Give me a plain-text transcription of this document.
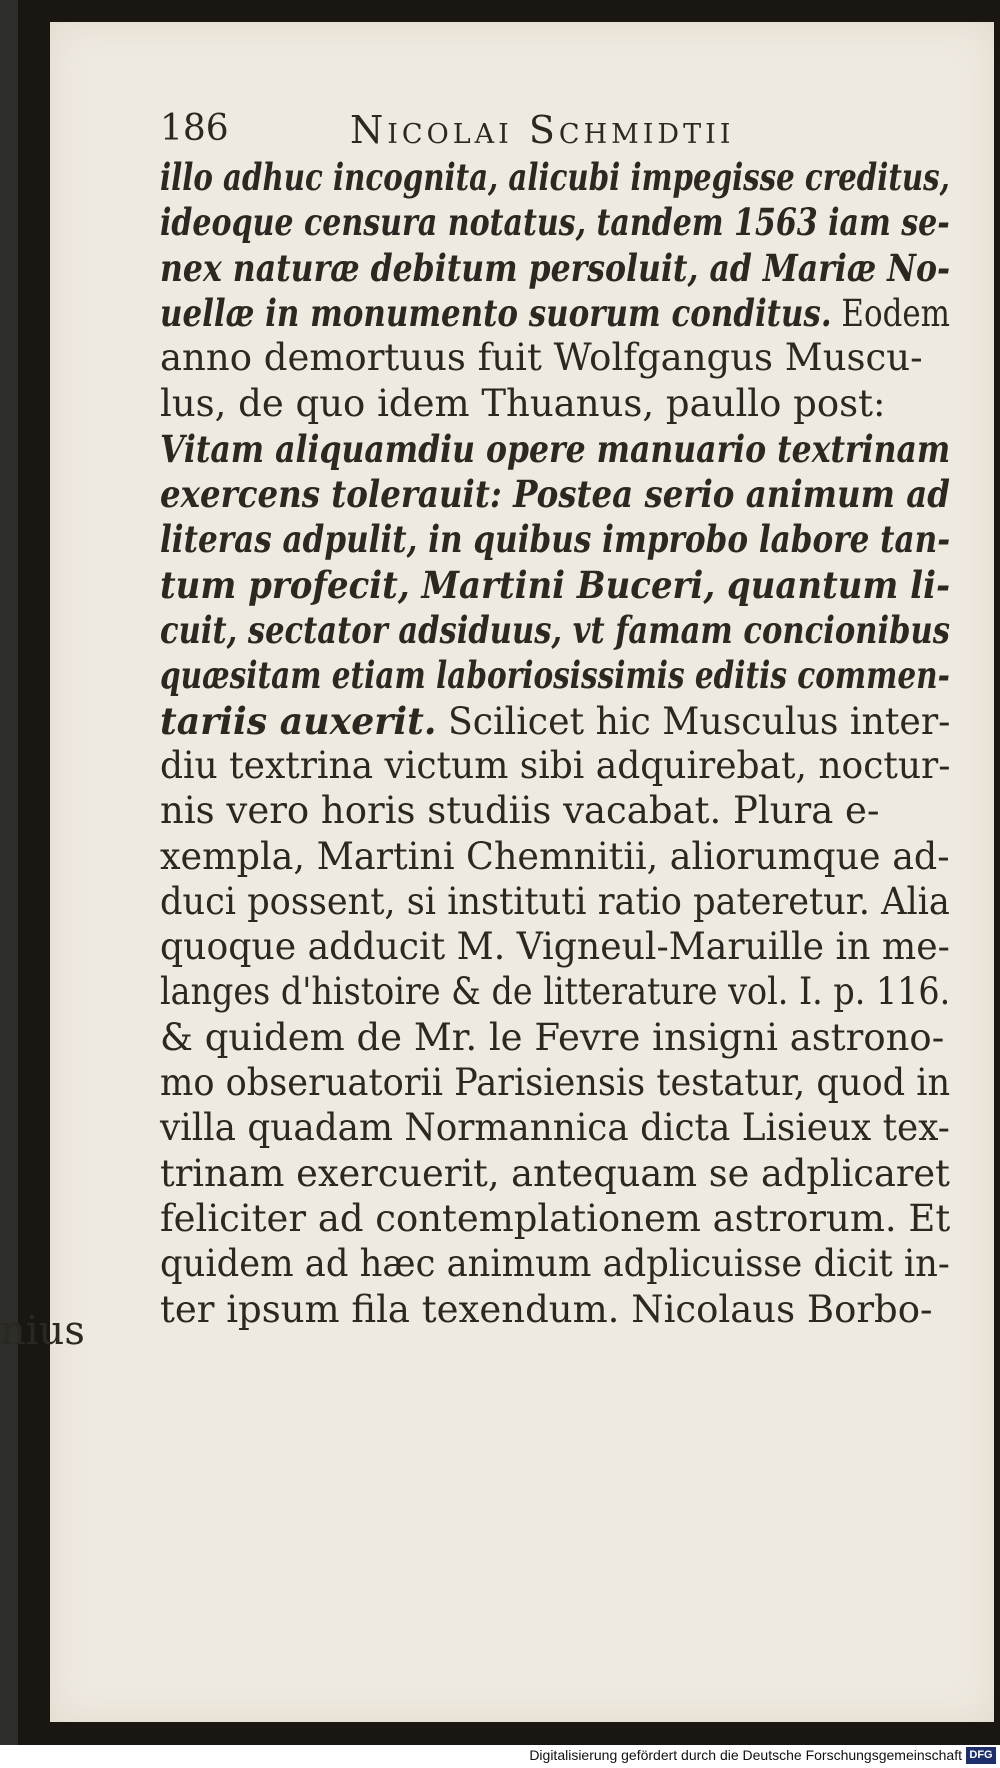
186	Nicolai Schmidtii
illo adhuc incognita, alicubi impegisse creditus,
ideoque censura notatus, tandem 1563 iam se-
nex naturæ debitum persoluit, ad Mariæ No-
uellæ in monumento suorum conditus. Eodem
anno demortuus fuit Wolfgangus Muscu-
lus, de quo idem Thuanus, paullo post:
Vitam aliquamdiu opere manuario textrinam
exercens tolerauit: Postea serio animum ad
literas adpulit, in quibus improbo labore tan-
tum profecit, Martini Buceri, quantum li-
cuit, sectator adsiduus, vt famam concionibus
quæsitam etiam laboriosissimis editis commen-
tariis auxerit. Scilicet hic Musculus inter-
diu textrina victum sibi adquirebat, noctur-
nis vero horis studiis vacabat. Plura e-
xempla, Martini Chemnitii, aliorumque ad-
duci possent, si instituti ratio pateretur. Alia
quoque adducit M. Vigneul-Maruille in me-
langes d'histoire & de litterature vol. I. p. 116.
& quidem de Mr. le Fevre insigni astrono-
mo obseruatorii Parisiensis testatur, quod in
villa quadam Normannica dicta Lisieux tex-
trinam exercuerit, antequam se adplicaret
feliciter ad contemplationem astrorum. Et
quidem ad hæc animum adplicuisse dicit in-
ter ipsum fila texendum. Nicolaus Borbo-
nius
Digitalisierung gefördert durch die Deutsche Forschungsgemeinschaft DFG
